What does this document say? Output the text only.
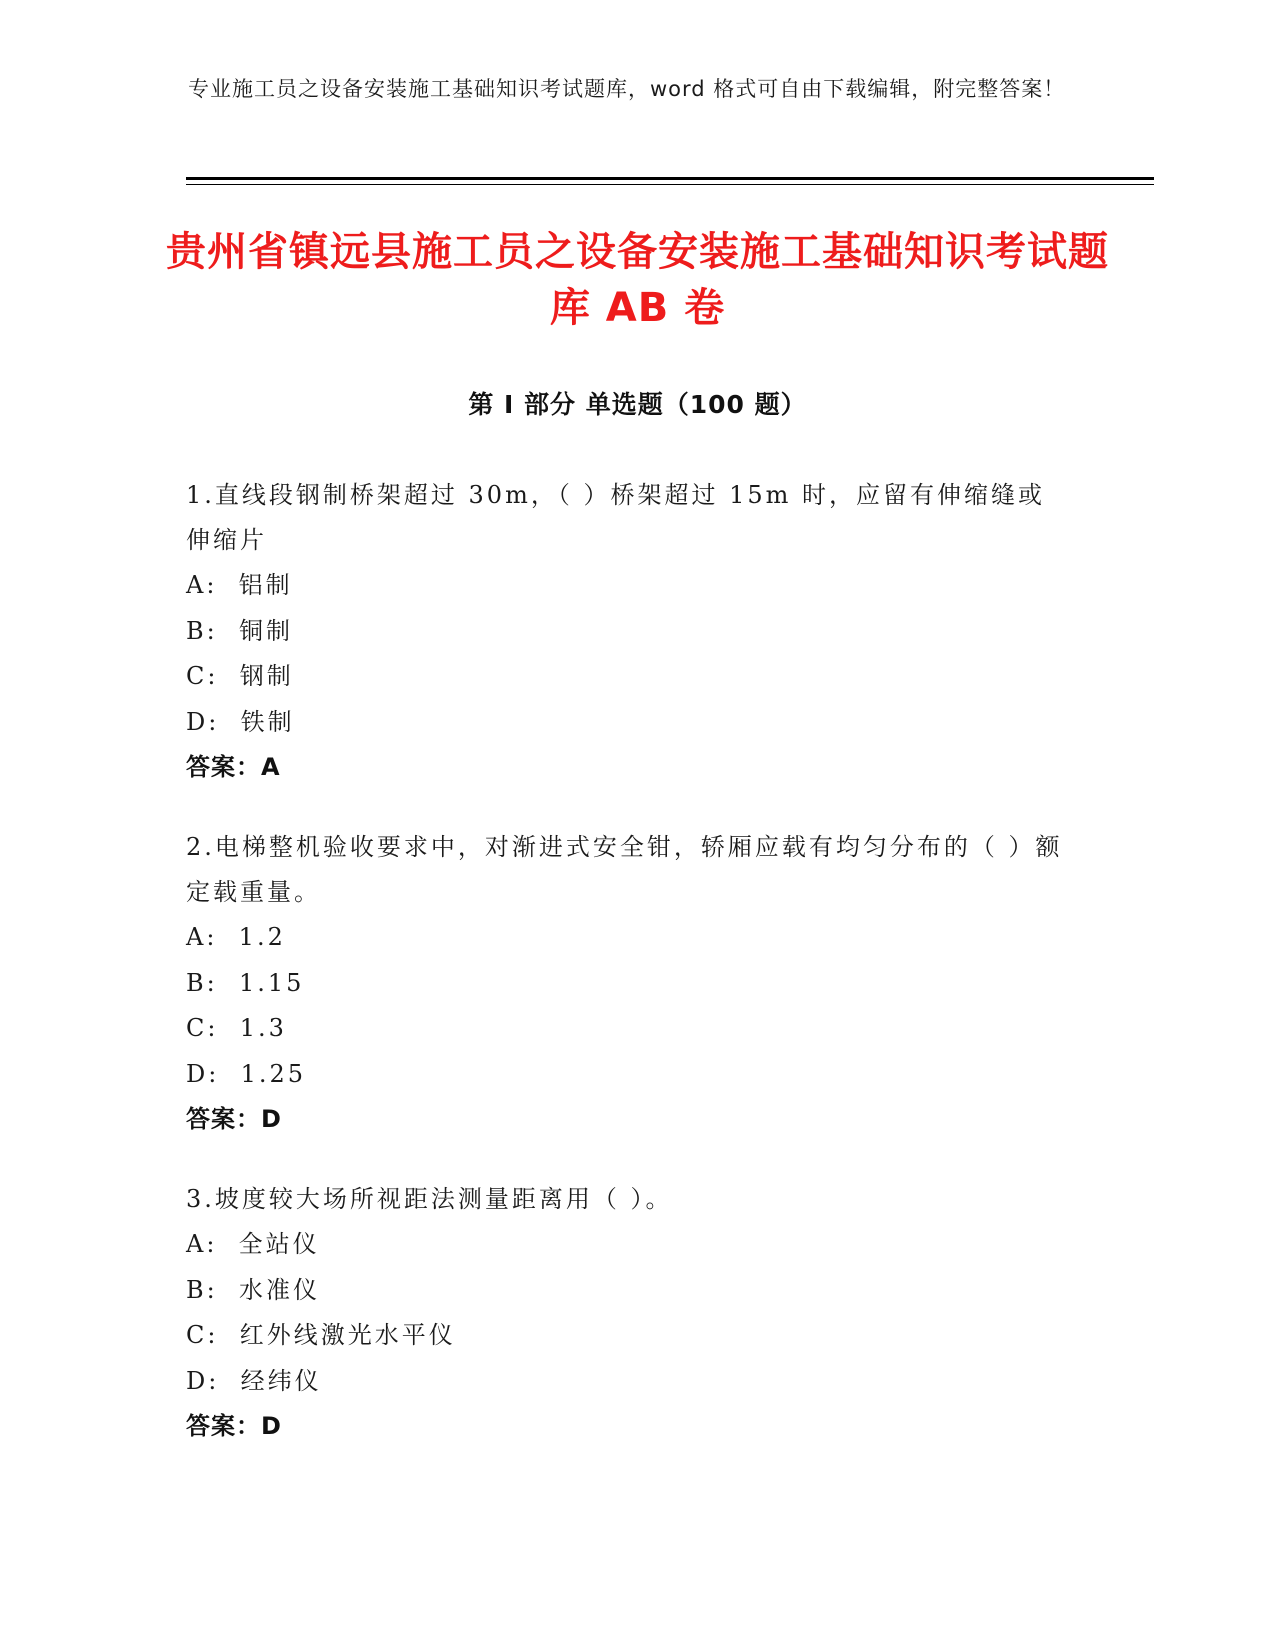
专业施工员之设备安装施工基础知识考试题库，word 格式可自由下载编辑，附完整答案！
贵州省镇远县施工员之设备安装施工基础知识考试题库 AB 卷
第 I 部分 单选题（100 题）
1.直线段钢制桥架超过 30m，（ ）桥架超过 15m 时，应留有伸缩缝或伸缩片
A:  铝制
B:  铜制
C:  钢制
D:  铁制
答案：A
2.电梯整机验收要求中，对渐进式安全钳，轿厢应载有均匀分布的（ ）额定载重量。
A:  1.2
B:  1.15
C:  1.3
D:  1.25
答案：D
3.坡度较大场所视距法测量距离用（ ）。
A:  全站仪
B:  水准仪
C:  红外线激光水平仪
D:  经纬仪
答案：D
